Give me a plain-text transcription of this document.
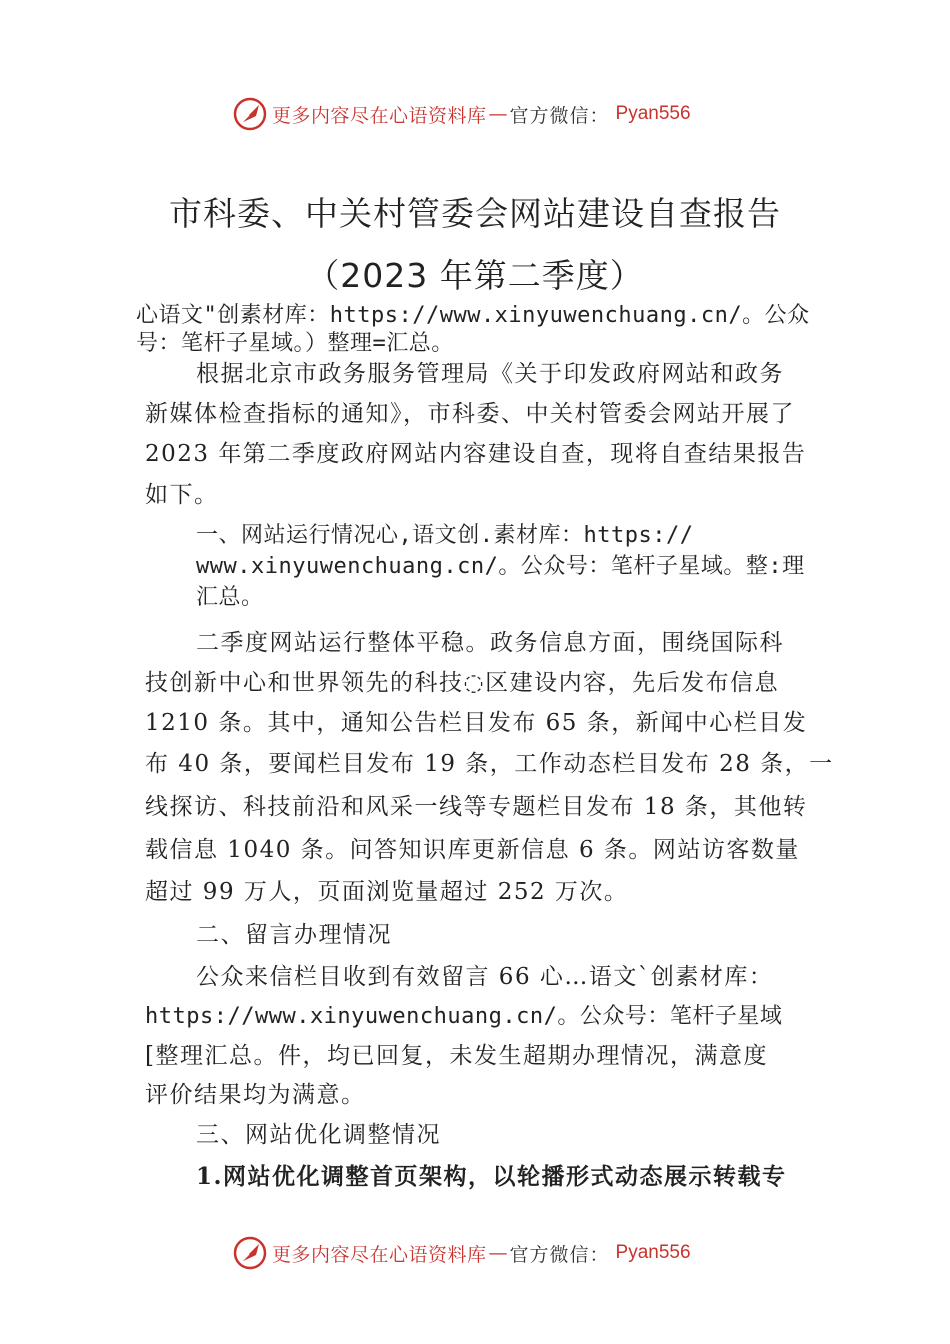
更多内容尽在心语资料库 — 官方微信： Pyan556
市科委、中关村管委会网站建设自查报告
（2023 年第二季度）
心语文"创素材库：https://www.xinyuwenchuang.cn/。公众
号：笔杆子星域。）整理=汇总。
根据北京市政务服务管理局《关于印发政府网站和政务
新媒体检查指标的通知》，市科委、中关村管委会网站开展了
2023 年第二季度政府网站内容建设自查，现将自查结果报告
如下。
一、网站运行情况心,语文创.素材库：https://
www.xinyuwenchuang.cn/。公众号：笔杆子星域。整:理
汇总。
二季度网站运行整体平稳。政务信息方面，围绕国际科
技创新中心和世界领先的科技◌区建设内容，先后发布信息
1210 条。其中，通知公告栏目发布 65 条，新闻中心栏目发
布 40 条，要闻栏目发布 19 条，工作动态栏目发布 28 条，一
线探访、科技前沿和风采一线等专题栏目发布 18 条，其他转
载信息 1040 条。问答知识库更新信息 6 条。网站访客数量
超过 99 万人，页面浏览量超过 252 万次。
二、留言办理情况
公众来信栏目收到有效留言 66 心…语文`创素材库：
https://www.xinyuwenchuang.cn/。公众号：笔杆子星域
[整理汇总。件，均已回复，未发生超期办理情况，满意度
评价结果均为满意。
三、网站优化调整情况
1.网站优化调整首页架构，以轮播形式动态展示转载专
更多内容尽在心语资料库 — 官方微信： Pyan556
